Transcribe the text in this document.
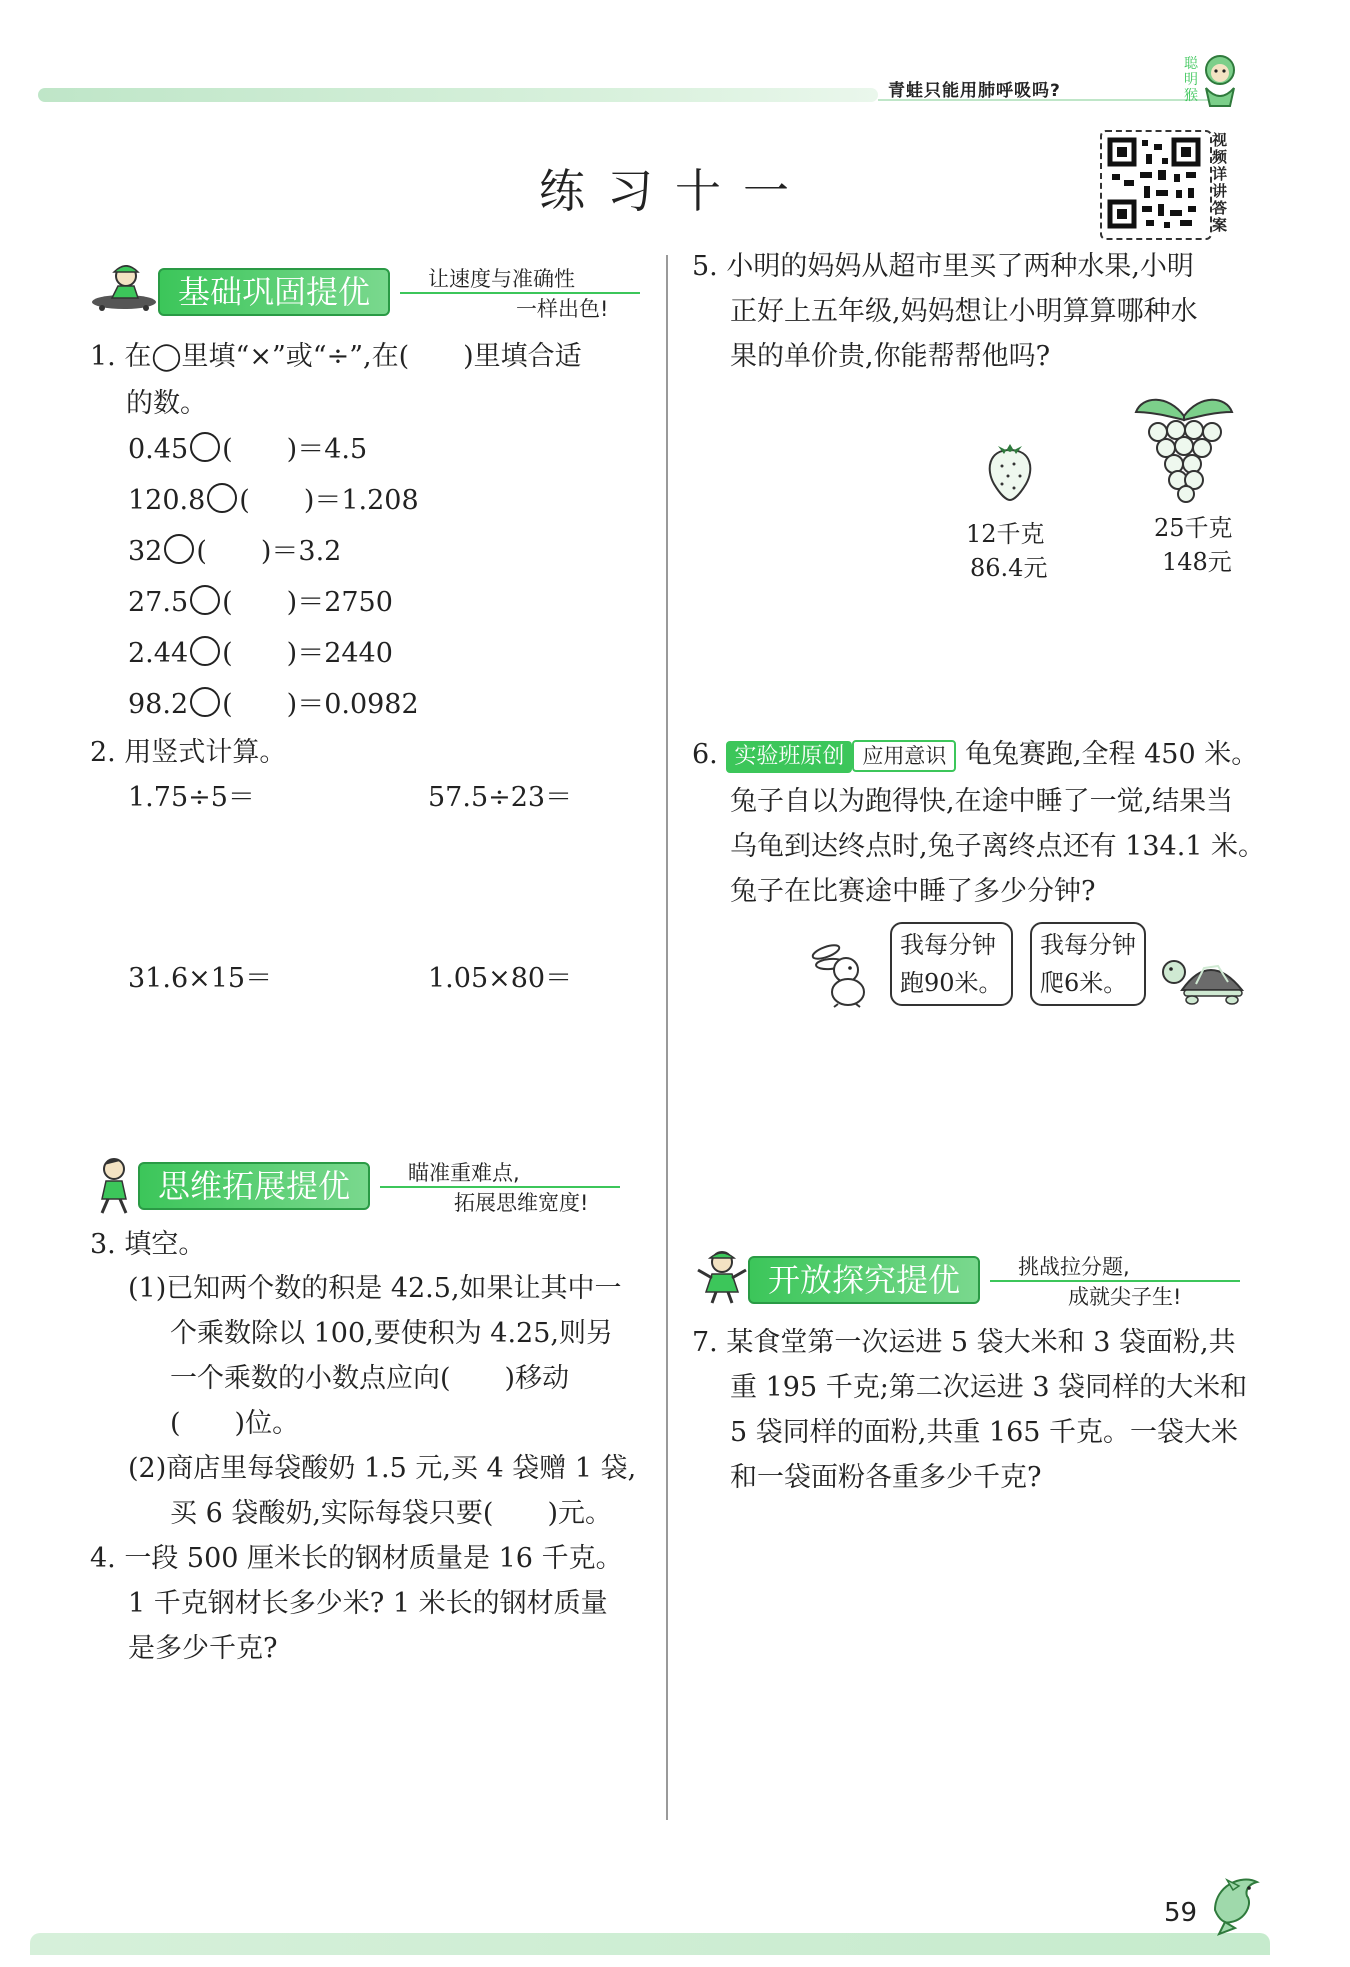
青蛙只能用肺呼吸吗?
聪
明
猴
练习十一
视频详讲答案
基础巩固提优	让速度与准确性
一样出色!
1. 在◯里填“×”或“÷”,在(　　)里填合适
的数。
0.45 (　　)＝4.5
120.8 (　　)＝1.208
32 (　　)＝3.2
27.5 (　　)＝2750
2.44 (　　)＝2440
98.2 (　　)＝0.0982
2. 用竖式计算。
1.75÷5＝	57.5÷23＝
31.6×15＝	1.05×80＝
思维拓展提优	瞄准重难点,
拓展思维宽度!
3. 填空。
(1)已知两个数的积是 42.5,如果让其中一
个乘数除以 100,要使积为 4.25,则另
一个乘数的小数点应向(　　)移动
(　　)位。
(2)商店里每袋酸奶 1.5 元,买 4 袋赠 1 袋,
买 6 袋酸奶,实际每袋只要(　　)元。
4. 一段 500 厘米长的钢材质量是 16 千克。
1 千克钢材长多少米? 1 米长的钢材质量
是多少千克?
5. 小明的妈妈从超市里买了两种水果,小明
正好上五年级,妈妈想让小明算算哪种水
果的单价贵,你能帮帮他吗?
12千克
86.4元
25千克
148元
6. 实验班原创 应用意识 龟兔赛跑,全程 450 米。
兔子自以为跑得快,在途中睡了一觉,结果当
乌龟到达终点时,兔子离终点还有 134.1 米。
兔子在比赛途中睡了多少分钟?
我每分钟
跑90米。
我每分钟
爬6米。
开放探究提优	挑战拉分题,
成就尖子生!
7. 某食堂第一次运进 5 袋大米和 3 袋面粉,共
重 195 千克;第二次运进 3 袋同样的大米和
5 袋同样的面粉,共重 165 千克。一袋大米
和一袋面粉各重多少千克?
59
